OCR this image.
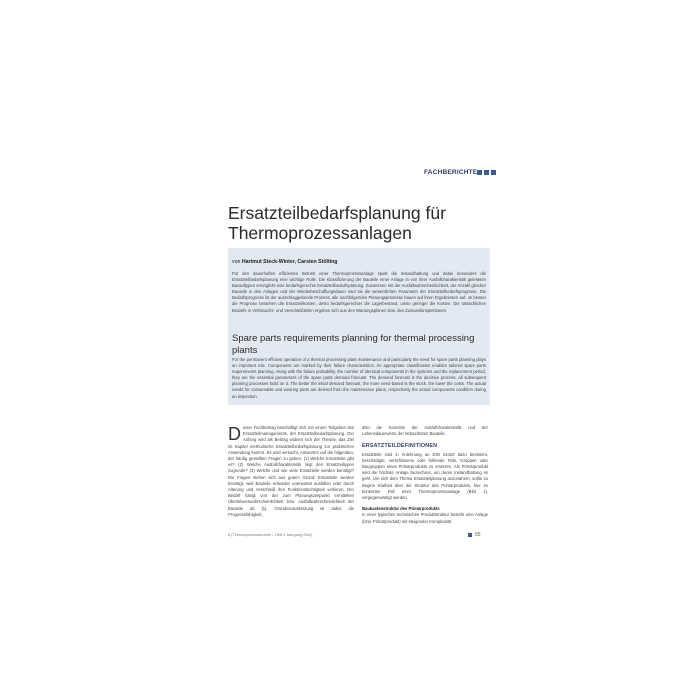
FACHBERICHTE
Ersatzteilbedarfsplanung für Thermoprozessanlagen
von Hartmut Steck-Winter, Carsten Stölting
Für den dauerhaften effizienten Betrieb einer Thermoprozessanlage spielt die Instandhaltung und dabei besonders die Ersatzteilbedarfsplanung eine wichtige Rolle. Die Klassifizierung der Bauteile einer Anlage in von ihrer Ausfallcharakteristik geleiteten Bauteiltypen ermöglicht eine bedarfsgerechte Ersatzteilbedarfsplanung. Zusammen mit der Ausfallwahrscheinlichkeit, der Anzahl gleicher Bauteile in den Anlagen und der Wiederbeschaffungsdauer sind sie die wesentlichen Parameter der Ersatzteilbedarfsprognose. Die Bedarfsprognose ist der ausschlaggebende Prozess, alle nachfolgenden Planungsprozesse bauen auf ihren Ergebnissen auf. Je besser die Prognose bestehen die Ersatzteilkosten, desto bedarfsgerechter die Lagerbestand, umso geringer die Kosten. Die tatsächlichen Bedarfe in Verbrauchs- und Verschleißteilen ergeben sich aus den Wartungsplänen bzw. den Zustandsinspektionen.
Spare parts requirements planning for thermal processing plants
For the permanent efficient operation of a thermal processing plant maintenance and particularly the need for spare parts planning plays an important role. Components are marked by their failure characteristics. An appropriate classification enables tailored spare parts requirements planning. Along with the failure probability, the number of identical components in the systems and the replacement period, they are the essential parameters of the spare parts demand forecast. The demand forecast is the decisive process, all subsequent planning processes build on it. The better the initial demand forecast, the more need-based is the stock, the lower the costs. The actual needs for consumable and wearing parts are derived from the maintenance plans, respectively the actual components condition during an inspection.
D ieser Fachbeitrag beschäftigt sich mit einem Teilgebiet des Ersatzteilmanagements, der Ersatzteilbedarfsplanung. Der Anfang wird als Beitrag widmet sich der Theorie, das Ziel im Kapitel methodische Ersatzteilbedarfsplanung zur praktischen Anwendung kommt. Es wird versucht, Antworten auf die folgenden, der häufig gestellten Fragen zu geben: (1) Welche Ersatzteile gibt es? (2) Welche Ausfallcharakteristik liegt den Ersatzteiltypen zugrunde? (3) Welche und wie viele Ersatzteile werden benötigt? Die Fragen stehen sich aus gutem Grund: Ersatzteile werden benötigt, weil Bauteile entweder unerwartet ausfallen oder durch Alterung und Verschleiß ihre Funktionstüchtigkeit verlieren. Der Bedarf hängt von der zum Planungszeitpunkt ermittelten Überlebenswahrscheinlichkeit bzw. Ausfallwahrscheinlichkeit der Bauteile ab [1]. Grundvoraussetzung ist dabei die Prognosefähigkeit,
also die Kenntnis der Ausfallcharakteristik und der Lebensdauerwerte der betrachteten Bauteile.
ERSATZTEILDEFINITIONEN
Ersatzteile sind in Anlehnung an DIN 24420 dazu bestimmt, beschädigte, verschlissene oder fehlende Teile, Gruppen oder Baugruppen eines Primärprodukts zu ersetzen. Als Primärprodukt wird die höchste Anlage bezeichnet, um deren Instandhaltung es geht. Um sich dem Thema Ersatzteilplanung anzunähern, sollte zu Beginn Klarheit über die Struktur des Primärprodukts, hier im konkreten Fall einer Thermoprozessanlage (Bild 1), vergegenwärtigt werden.
Baukastenstruktur des Primärprodukts
In einer typischen technischen Produktstruktur besteht eine Anlage (bzw. Primärprodukt) mit steigender Komplexität
8 (Thermoprozesstechnik – Heft 4 Jahrgang 20xx)	55
